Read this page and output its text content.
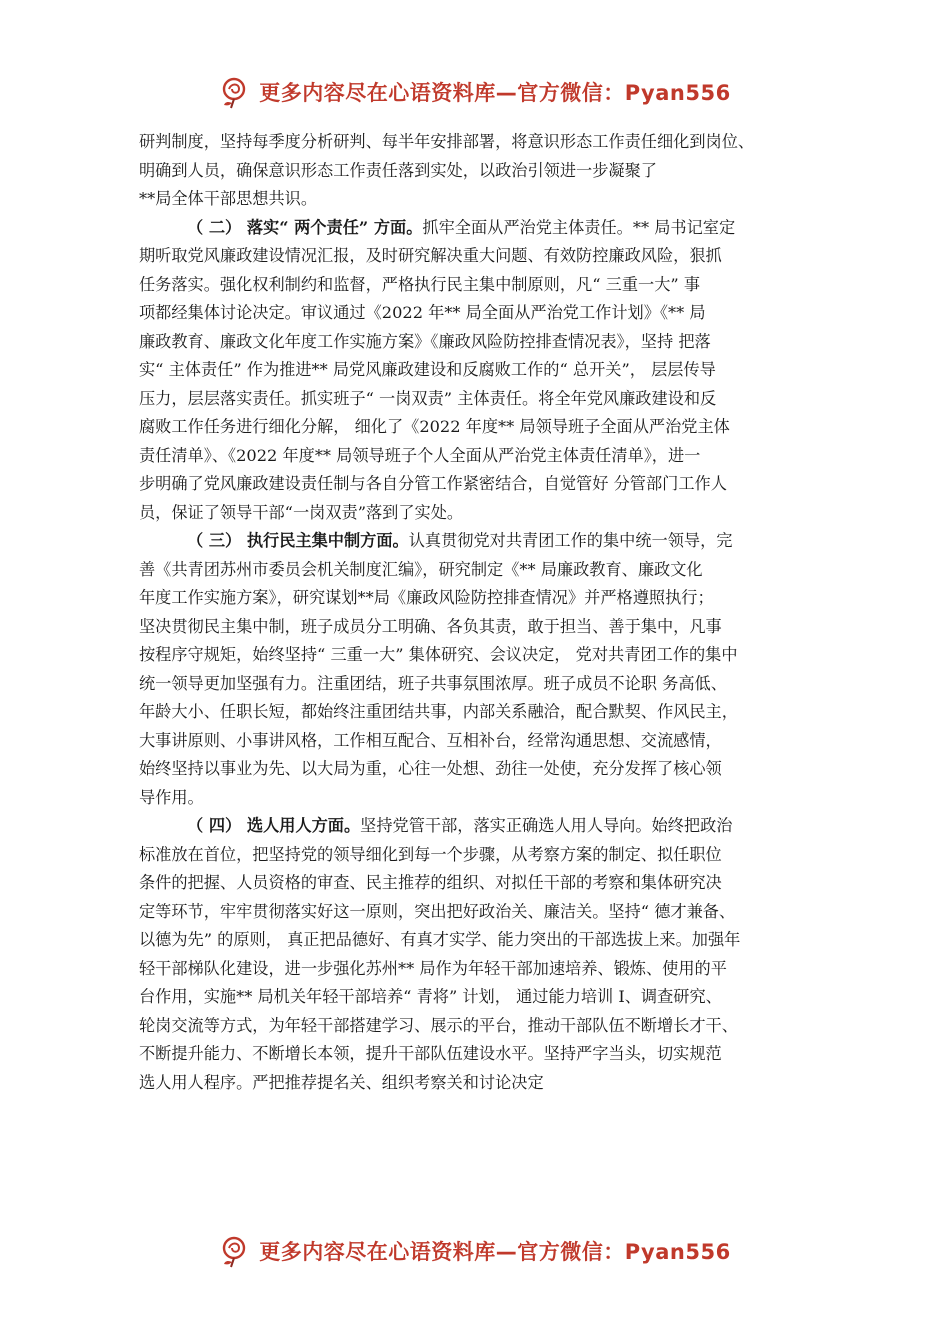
更多内容尽在心语资料库—官方微信：Pyan556
研判制度，坚持每季度分析研判、每半年安排部署，将意识形态工作责任细化到岗位、
明确到人员，确保意识形态工作责任落到实处，以政治引领进一步凝聚了
**局全体干部思想共识。
（ 二） 落实“ 两个责任” 方面。抓牢全面从严治党主体责任。** 局书记室定
期听取党风廉政建设情况汇报，及时研究解决重大问题、有效防控廉政风险，狠抓
任务落实。强化权利制约和监督，严格执行民主集中制原则，凡“ 三重一大” 事
项都经集体讨论决定。审议通过《2022 年** 局全面从严治党工作计划》《** 局
廉政教育、廉政文化年度工作实施方案》《廉政风险防控排查情况表》，坚持 把落
实“ 主体责任” 作为推进** 局党风廉政建设和反腐败工作的“ 总开关”， 层层传导
压力，层层落实责任。抓实班子“ 一岗双责” 主体责任。将全年党风廉政建设和反
腐败工作任务进行细化分解， 细化了《2022 年度** 局领导班子全面从严治党主体
责任清单》、《2022 年度** 局领导班子个人全面从严治党主体责任清单》，进一
步明确了党风廉政建设责任制与各自分管工作紧密结合，自觉管好 分管部门工作人
员，保证了领导干部“一岗双责”落到了实处。
（ 三） 执行民主集中制方面。认真贯彻党对共青团工作的集中统一领导，完
善《共青团苏州市委员会机关制度汇编》，研究制定《** 局廉政教育、廉政文化
年度工作实施方案》，研究谋划**局《廉政风险防控排查情况》并严格遵照执行；
坚决贯彻民主集中制，班子成员分工明确、各负其责，敢于担当、善于集中，凡事
按程序守规矩，始终坚持“ 三重一大” 集体研究、会议决定， 党对共青团工作的集中
统一领导更加坚强有力。注重团结，班子共事氛围浓厚。班子成员不论职 务高低、
年龄大小、任职长短，都始终注重团结共事，内部关系融洽，配合默契、作风民主，
大事讲原则、小事讲风格，工作相互配合、互相补台，经常沟通思想、交流感情，
始终坚持以事业为先、以大局为重，心往一处想、劲往一处使，充分发挥了核心领
导作用。
（ 四） 选人用人方面。坚持党管干部，落实正确选人用人导向。始终把政治
标准放在首位，把坚持党的领导细化到每一个步骤，从考察方案的制定、拟任职位
条件的把握、人员资格的审查、民主推荐的组织、对拟任干部的考察和集体研究决
定等环节，牢牢贯彻落实好这一原则，突出把好政治关、廉洁关。坚持“ 德才兼备、
以德为先” 的原则， 真正把品德好、有真才实学、能力突出的干部选拔上来。加强年
轻干部梯队化建设，进一步强化苏州** 局作为年轻干部加速培养、锻炼、使用的平
台作用，实施** 局机关年轻干部培养“ 青将” 计划， 通过能力培训 I、调查研究、
轮岗交流等方式，为年轻干部搭建学习、展示的平台，推动干部队伍不断增长才干、
不断提升能力、不断增长本领，提升干部队伍建设水平。坚持严字当头，切实规范
选人用人程序。严把推荐提名关、组织考察关和讨论决定
更多内容尽在心语资料库—官方微信：Pyan556
